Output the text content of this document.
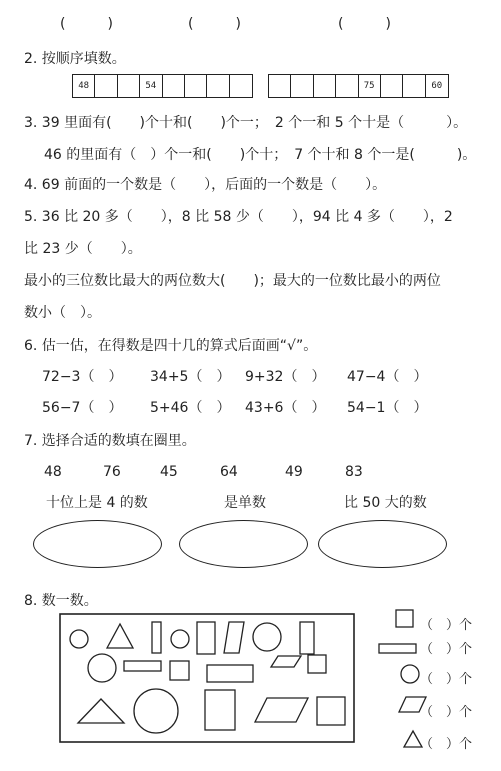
(　　　)	(　　　)	(　　　)
2. 按顺序填数。
48	54	75	60
3. 39 里面有(　　)个十和(　　)个一；　2 个一和 5 个十是（　　　）。
46 的里面有（　）个一和(　　)个十；　7 个十和 8 个一是(　　　)。
4. 69 前面的一个数是（　　），后面的一个数是（　　）。
5. 36 比 20 多（　　），8 比 58 少（　　），94 比 4 多（　　），2
比 23 少（　　）。
最小的三位数比最大的两位数大(　　)；最大的一位数比最小的两位
数小（　）。
6. 估一估，在得数是四十几的算式后面画“√”。
72−3（　） 34+5（　） 9+32（　） 47−4（　）
56−7（　） 5+46（　） 43+6（　） 54−1（　）
7. 选择合适的数填在圈里。
48	76	45	64	49	83
十位上是 4 的数	是单数	比 50 大的数
8. 数一数。
（　）个
（　）个
（　）个
（　）个
（　）个
